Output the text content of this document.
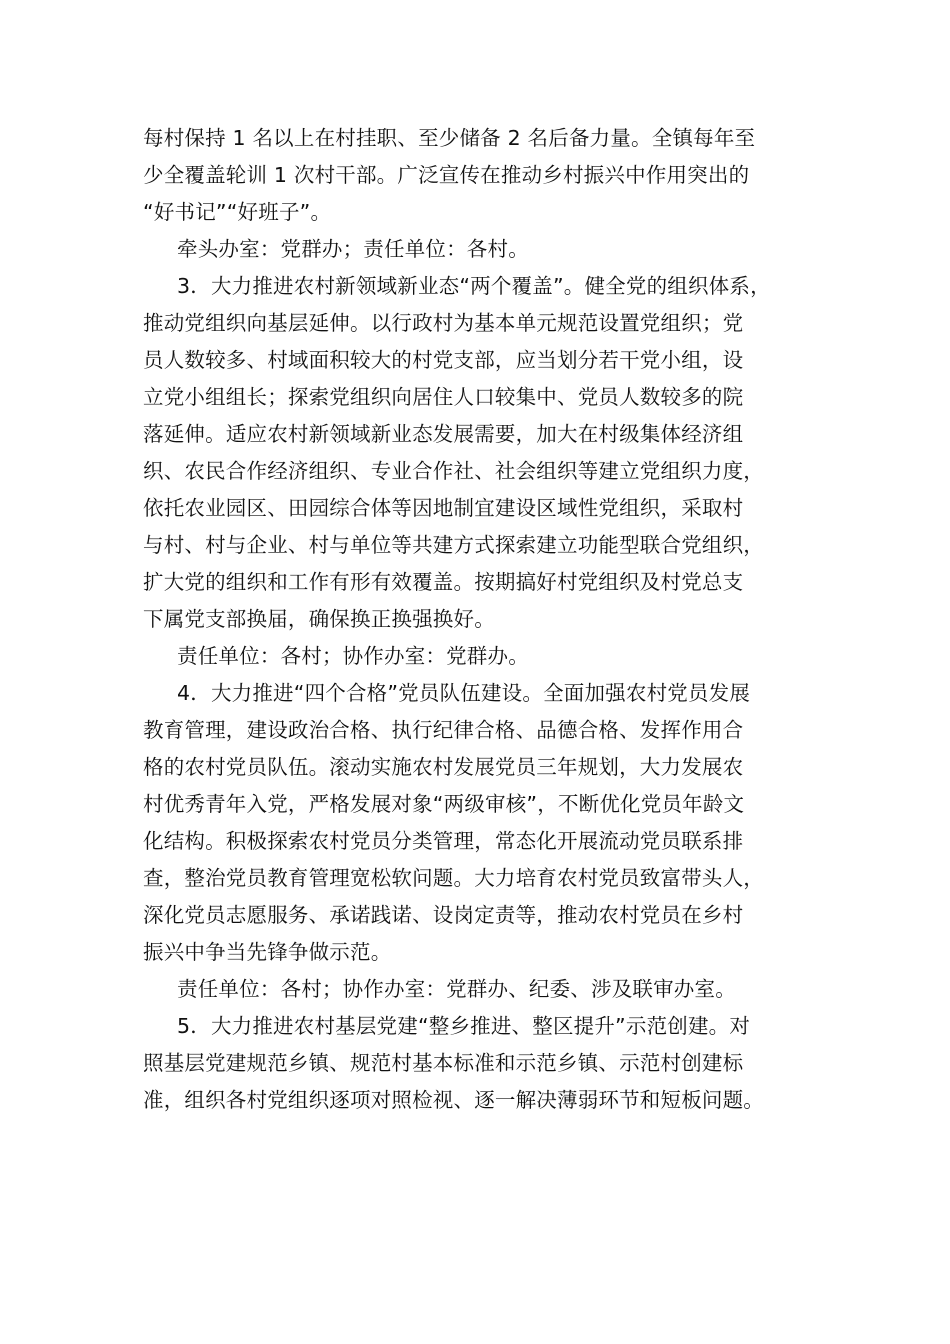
每村保持 1 名以上在村挂职、至少储备 2 名后备力量。全镇每年至
少全覆盖轮训 1 次村干部。广泛宣传在推动乡村振兴中作用突出的
“好书记”“好班子”。
牵头办室：党群办；责任单位：各村。
3．大力推进农村新领域新业态“两个覆盖”。健全党的组织体系，
推动党组织向基层延伸。以行政村为基本单元规范设置党组织；党
员人数较多、村域面积较大的村党支部，应当划分若干党小组，设
立党小组组长；探索党组织向居住人口较集中、党员人数较多的院
落延伸。适应农村新领域新业态发展需要，加大在村级集体经济组
织、农民合作经济组织、专业合作社、社会组织等建立党组织力度，
依托农业园区、田园综合体等因地制宜建设区域性党组织，采取村
与村、村与企业、村与单位等共建方式探索建立功能型联合党组织，
扩大党的组织和工作有形有效覆盖。按期搞好村党组织及村党总支
下属党支部换届，确保换正换强换好。
责任单位：各村；协作办室：党群办。
4．大力推进“四个合格”党员队伍建设。全面加强农村党员发展
教育管理，建设政治合格、执行纪律合格、品德合格、发挥作用合
格的农村党员队伍。滚动实施农村发展党员三年规划，大力发展农
村优秀青年入党，严格发展对象“两级审核”，不断优化党员年龄文
化结构。积极探索农村党员分类管理，常态化开展流动党员联系排
查，整治党员教育管理宽松软问题。大力培育农村党员致富带头人，
深化党员志愿服务、承诺践诺、设岗定责等，推动农村党员在乡村
振兴中争当先锋争做示范。
责任单位：各村；协作办室：党群办、纪委、涉及联审办室。
5．大力推进农村基层党建“整乡推进、整区提升”示范创建。对
照基层党建规范乡镇、规范村基本标准和示范乡镇、示范村创建标
准，组织各村党组织逐项对照检视、逐一解决薄弱环节和短板问题。
